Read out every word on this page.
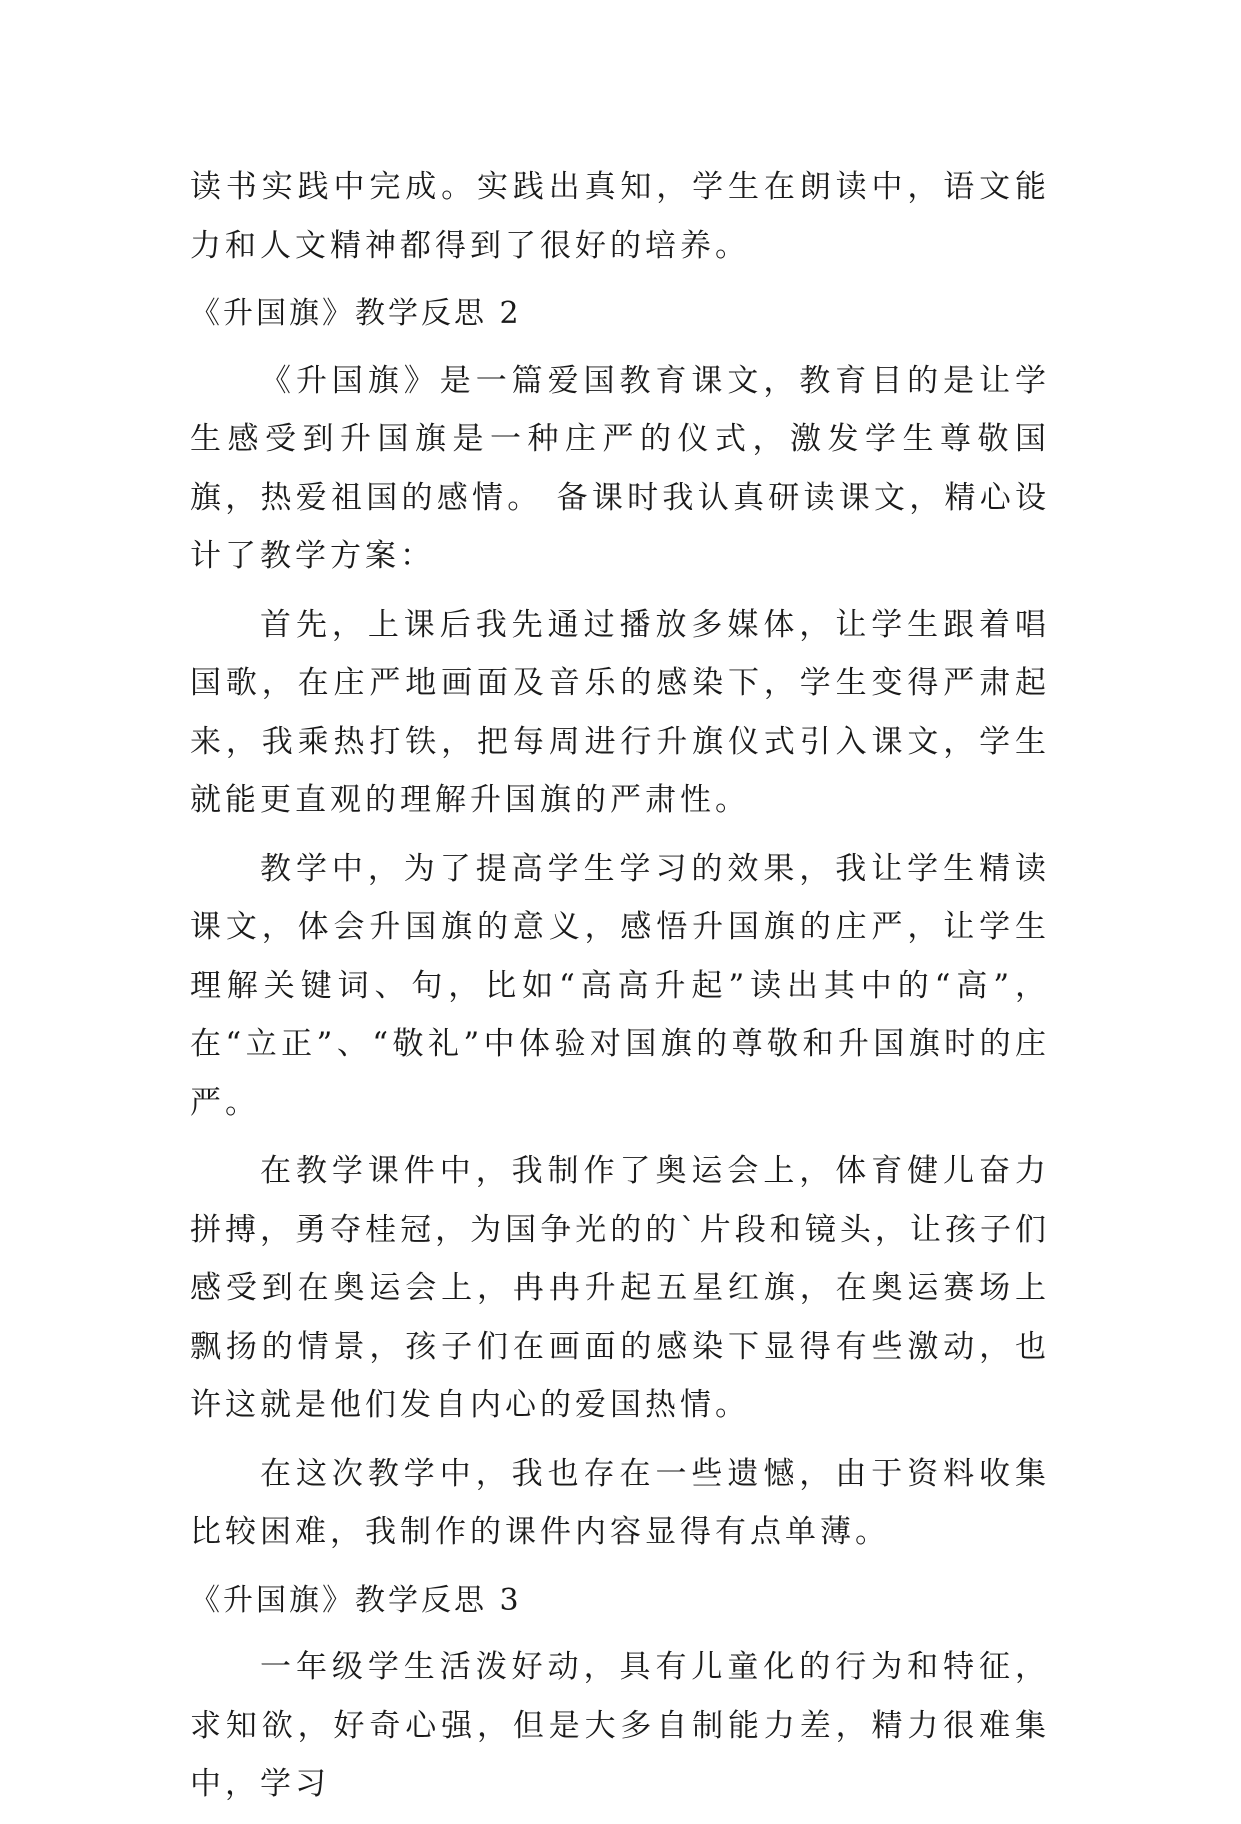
读书实践中完成。实践出真知，学生在朗读中，语文能力和人文精神都得到了很好的培养。

《升国旗》教学反思 2

《升国旗》是一篇爱国教育课文，教育目的是让学生感受到升国旗是一种庄严的仪式，激发学生尊敬国旗，热爱祖国的感情。 备课时我认真研读课文，精心设计了教学方案：

首先，上课后我先通过播放多媒体，让学生跟着唱国歌，在庄严地画面及音乐的感染下，学生变得严肃起来，我乘热打铁，把每周进行升旗仪式引入课文，学生就能更直观的理解升国旗的严肃性。

教学中，为了提高学生学习的效果，我让学生精读课文，体会升国旗的意义，感悟升国旗的庄严，让学生理解关键词、句，比如“高高升起”读出其中的“高”，在“立正”、“敬礼”中体验对国旗的尊敬和升国旗时的庄严。

在教学课件中，我制作了奥运会上，体育健儿奋力拼搏，勇夺桂冠，为国争光的的`片段和镜头，让孩子们感受到在奥运会上，冉冉升起五星红旗，在奥运赛场上飘扬的情景，孩子们在画面的感染下显得有些激动，也许这就是他们发自内心的爱国热情。

在这次教学中，我也存在一些遗憾，由于资料收集比较困难，我制作的课件内容显得有点单薄。

《升国旗》教学反思 3

一年级学生活泼好动，具有儿童化的行为和特征，求知欲，好奇心强，但是大多自制能力差，精力很难集中，学习
